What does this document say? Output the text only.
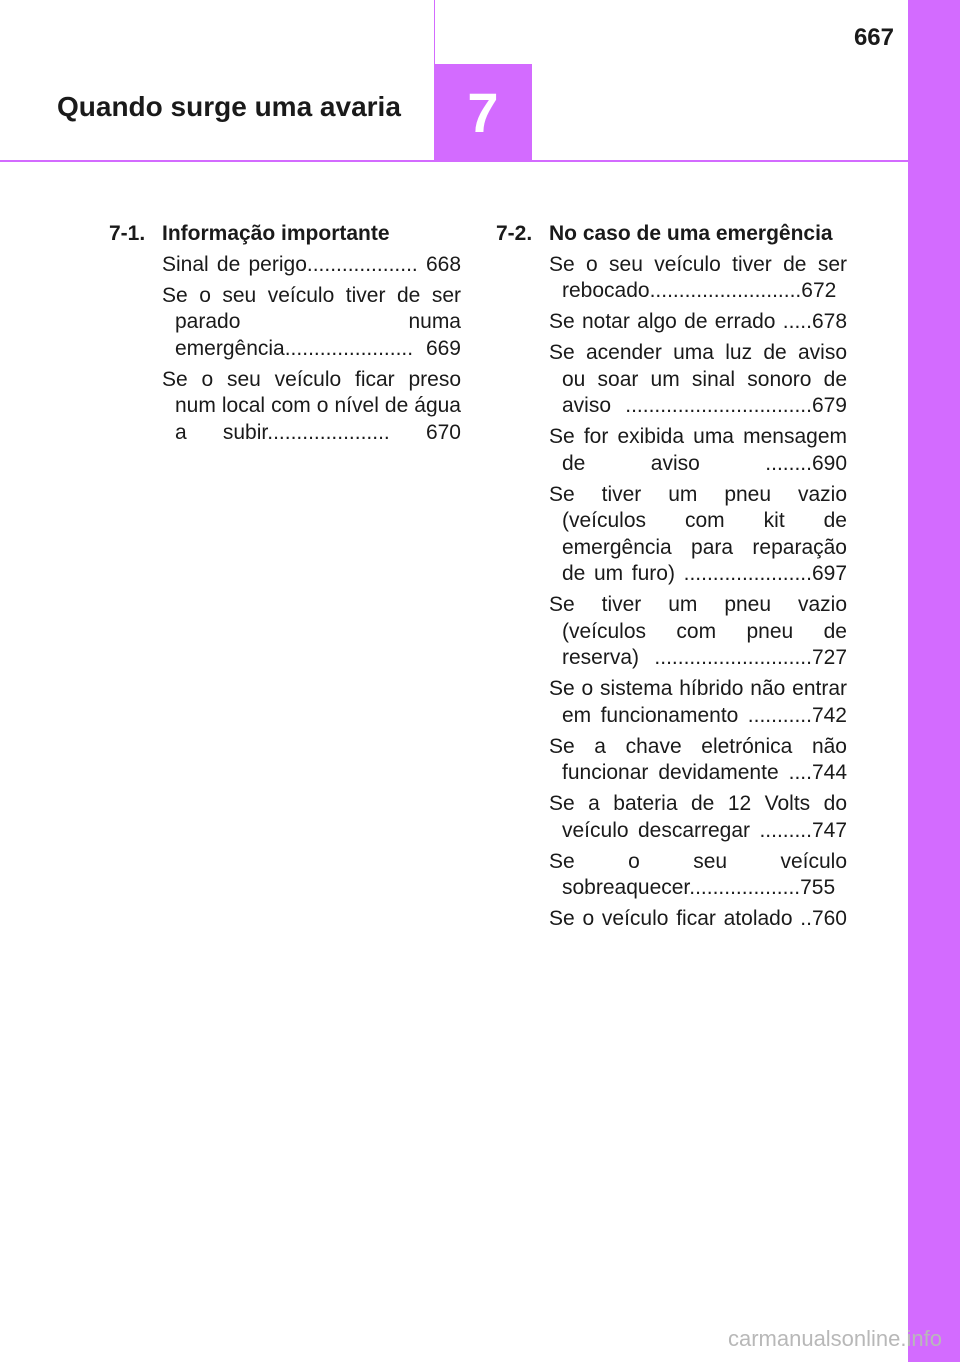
667
Quando surge uma avaria	7
7-1. Informação importante
Sinal de perigo................... 668
Se o seu veículo tiver de ser parado numa emergência...................... 669
Se o seu veículo ficar preso num local com o nível de água a subir..................... 670
7-2. No caso de uma emergência
Se o seu veículo tiver de ser rebocado..........................672
Se notar algo de errado .....678
Se acender uma luz de aviso ou soar um sinal sonoro de aviso ................................679
Se for exibida uma mensagem de aviso ........690
Se tiver um pneu vazio (veículos com kit de emergência para reparação de um furo) ......................697
Se tiver um pneu vazio (veículos com pneu de reserva) ...........................727
Se o sistema híbrido não entrar em funcionamento ...........742
Se a chave eletrónica não funcionar devidamente ....744
Se a bateria de 12 Volts do veículo descarregar .........747
Se o seu veículo sobreaquecer...................755
Se o veículo ficar atolado ..760
carmanualsonline.info
